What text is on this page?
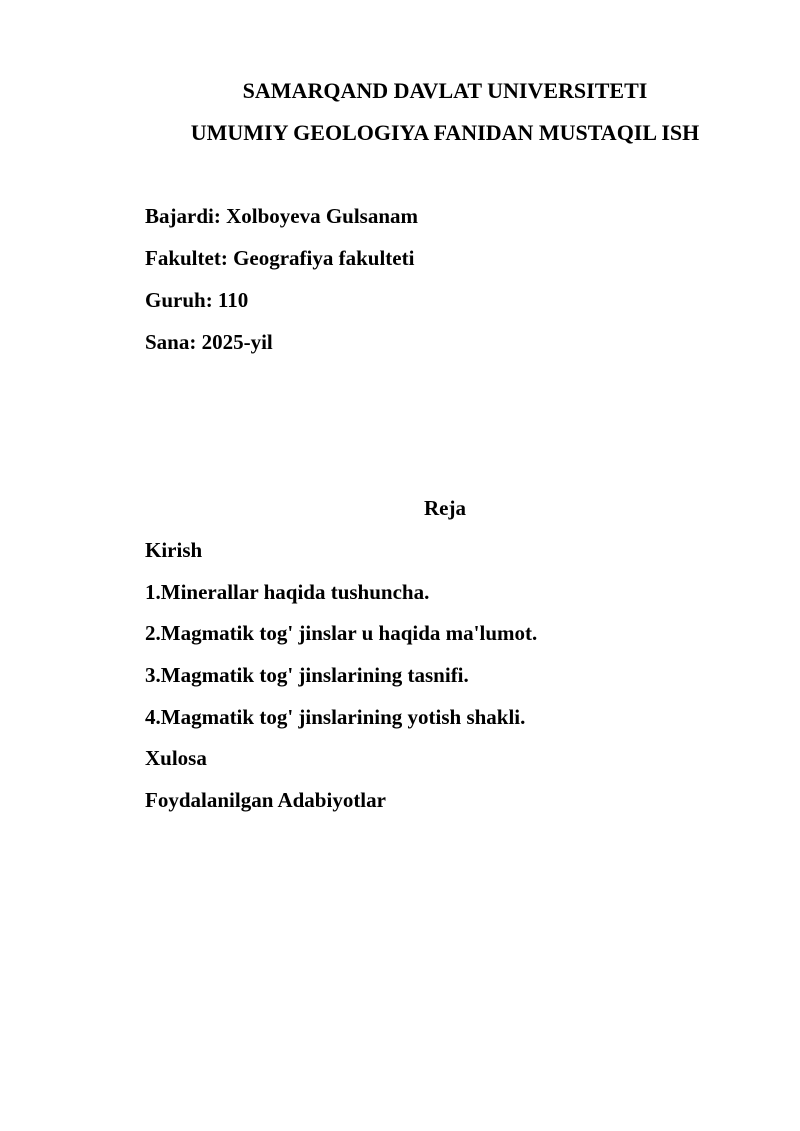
SAMARQAND DAVLAT UNIVERSITETI
UMUMIY GEOLOGIYA FANIDAN MUSTAQIL ISH
Bajardi: Xolboyeva Gulsanam
Fakultet: Geografiya fakulteti
Guruh: 110
Sana: 2025-yil
Reja
Kirish
1.Minerallar haqida tushuncha.
2.Magmatik tog' jinslar u haqida ma'lumot.
3.Magmatik tog' jinslarining tasnifi.
4.Magmatik tog' jinslarining yotish shakli.
Xulosa
Foydalanilgan Adabiyotlar
